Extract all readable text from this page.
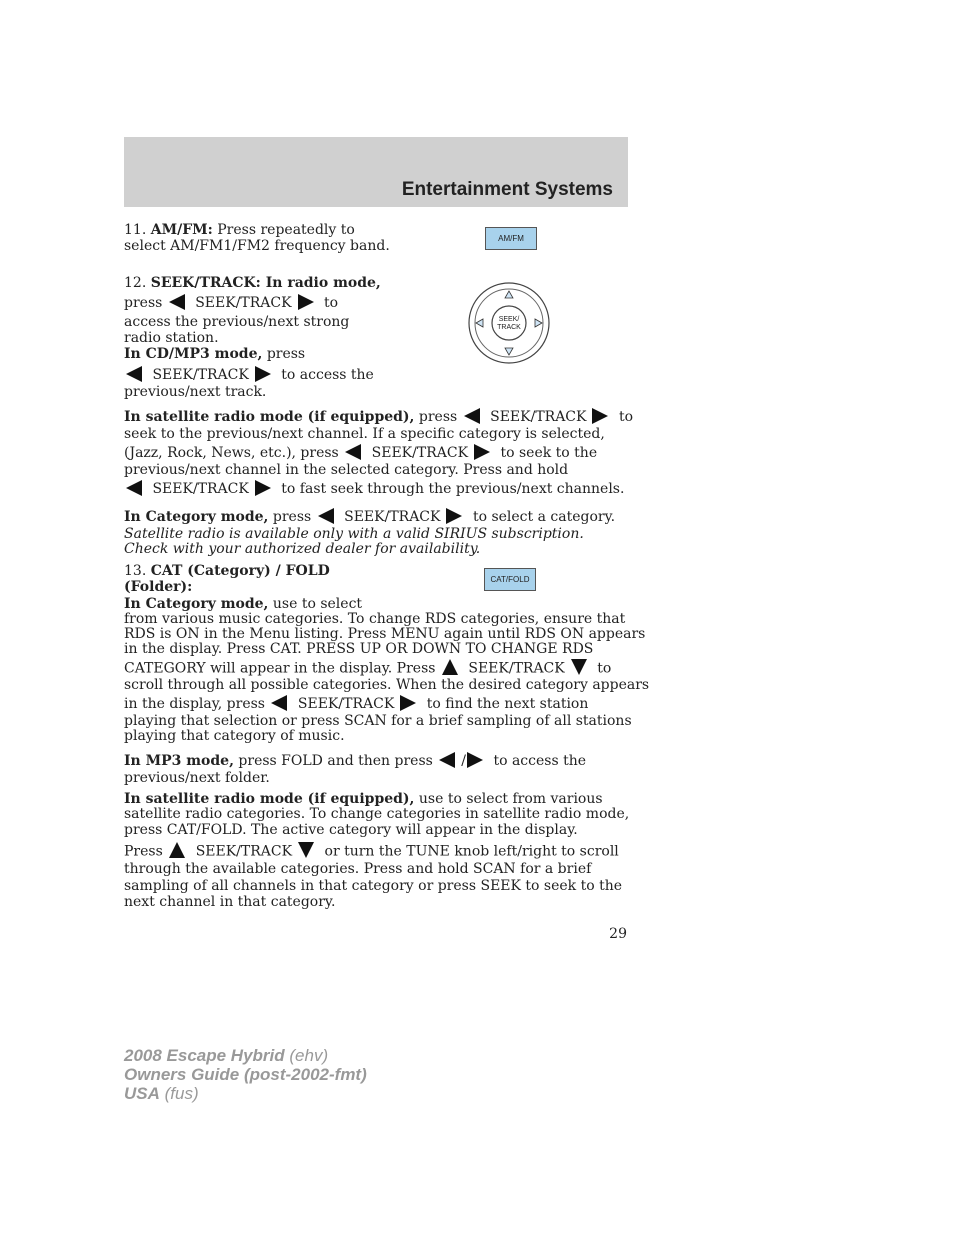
Entertainment Systems
11. AM/FM: Press repeatedly to
select AM/FM1/FM2 frequency band.	AM/FM
12. SEEK/TRACK: In radio mode,
press SEEK/TRACK to
access the previous/next strong
radio station.
In CD/MP3 mode, press
SEEK/TRACK to access the
previous/next track.
SEEK/
TRACK
In satellite radio mode (if equipped), press SEEK/TRACK to
seek to the previous/next channel. If a specific category is selected,
(Jazz, Rock, News, etc.), press SEEK/TRACK to seek to the
previous/next channel in the selected category. Press and hold
SEEK/TRACK to fast seek through the previous/next channels.
In Category mode, press SEEK/TRACK to select a category.
Satellite radio is available only with a valid SIRIUS subscription.
Check with your authorized dealer for availability.
13. CAT (Category) / FOLD
(Folder):	CAT/FOLD
In Category mode, use to select
from various music categories. To change RDS categories, ensure that
RDS is ON in the Menu listing. Press MENU again until RDS ON appears
in the display. Press CAT. PRESS UP OR DOWN TO CHANGE RDS
CATEGORY will appear in the display. Press SEEK/TRACK to
scroll through all possible categories. When the desired category appears
in the display, press SEEK/TRACK to find the next station
playing that selection or press SCAN for a brief sampling of all stations
playing that category of music.
In MP3 mode, press FOLD and then press / to access the
previous/next folder.
In satellite radio mode (if equipped), use to select from various
satellite radio categories. To change categories in satellite radio mode,
press CAT/FOLD. The active category will appear in the display.
Press SEEK/TRACK or turn the TUNE knob left/right to scroll
through the available categories. Press and hold SCAN for a brief
sampling of all channels in that category or press SEEK to seek to the
next channel in that category.
29
2008 Escape Hybrid (ehv)
Owners Guide (post-2002-fmt)
USA (fus)
